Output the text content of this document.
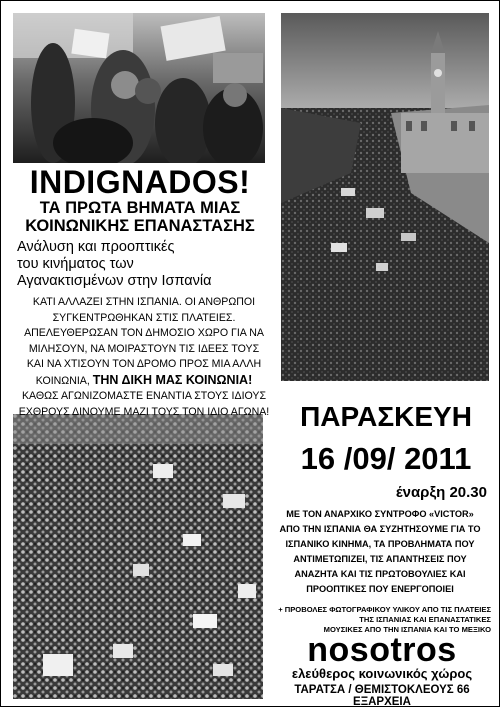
INDIGNADOS!
ΤΑ ΠΡΩΤΑ ΒΗΜΑΤΑ ΜΙΑΣ
ΚΟΙΝΩΝΙΚΗΣ ΕΠΑΝΑΣΤΑΣΗΣ
Ανάλυση και προοπτικές
του κινήματος των
Αγανακτισμένων στην Ισπανία
ΚΑΤΙ ΑΛΛΑΖΕΙ ΣΤΗΝ ΙΣΠΑΝΙΑ. ΟΙ ΑΝΘΡΩΠΟΙ
ΣΥΓΚΕΝΤΡΩΘΗΚΑΝ ΣΤΙΣ ΠΛΑΤΕΙΕΣ.
ΑΠΕΛΕΥΘΕΡΩΣΑΝ ΤΟΝ ΔΗΜΟΣΙΟ ΧΩΡΟ ΓΙΑ ΝΑ
ΜΙΛΗΣΟΥΝ, ΝΑ ΜΟΙΡΑΣΤΟΥΝ ΤΙΣ ΙΔΕΕΣ ΤΟΥΣ
ΚΑΙ ΝΑ ΧΤΙΣΟΥΝ ΤΟΝ ΔΡΟΜΟ ΠΡΟΣ ΜΙΑ ΑΛΛΗ
ΚΟΙΝΩΝΙΑ, ΤΗΝ ΔΙΚΗ ΜΑΣ ΚΟΙΝΩΝΙΑ!
ΚΑΘΩΣ ΑΓΩΝΙΖΟΜΑΣΤΕ ΕΝΑΝΤΙΑ ΣΤΟΥΣ ΙΔΙΟΥΣ
ΕΧΘΡΟΥΣ ΔΙΝΟΥΜΕ ΜΑΖΙ ΤΟΥΣ ΤΟΝ ΙΔΙΟ ΑΓΩΝΑ!	ΠΑΡΑΣΚΕΥΗ
16 /09/ 2011
έναρξη 20.30
ΜΕ ΤΟΝ ΑΝΑΡΧΙΚΟ ΣΥΝΤΡΟΦΟ «VICTOR»
ΑΠΟ ΤΗΝ ΙΣΠΑΝΙΑ ΘΑ ΣΥΖΗΤΗΣΟΥΜΕ ΓΙΑ ΤΟ
ΙΣΠΑΝΙΚΟ ΚΙΝΗΜΑ, ΤΑ ΠΡΟΒΛΗΜΑΤΑ ΠΟΥ
ΑΝΤΙΜΕΤΩΠΙΖΕΙ, ΤΙΣ ΑΠΑΝΤΗΣΕΙΣ ΠΟΥ
ΑΝΑΖΗΤΑ ΚΑΙ ΤΙΣ ΠΡΩΤΟΒΟΥΛΙΕΣ ΚΑΙ
ΠΡΟΟΠΤΙΚΕΣ ΠΟΥ ΕΝΕΡΓΟΠΟΙΕΙ
+ ΠΡΟΒΟΛΕΣ ΦΩΤΟΓΡΑΦΙΚΟΥ ΥΛΙΚΟΥ ΑΠΟ ΤΙΣ ΠΛΑΤΕΙΕΣ
ΤΗΣ ΙΣΠΑΝΙΑΣ ΚΑΙ ΕΠΑΝΑΣΤΑΤΙΚΕΣ
ΜΟΥΣΙΚΕΣ ΑΠΟ ΤΗΝ ΙΣΠΑΝΙΑ ΚΑΙ ΤΟ ΜΕΞΙΚΟ
nosotros
ελεύθερος κοινωνικός χώρος
ΤΑΡΑΤΣΑ / ΘΕΜΙΣΤΟΚΛΕΟΥΣ 66 ΕΞΑΡΧΕΙΑ
